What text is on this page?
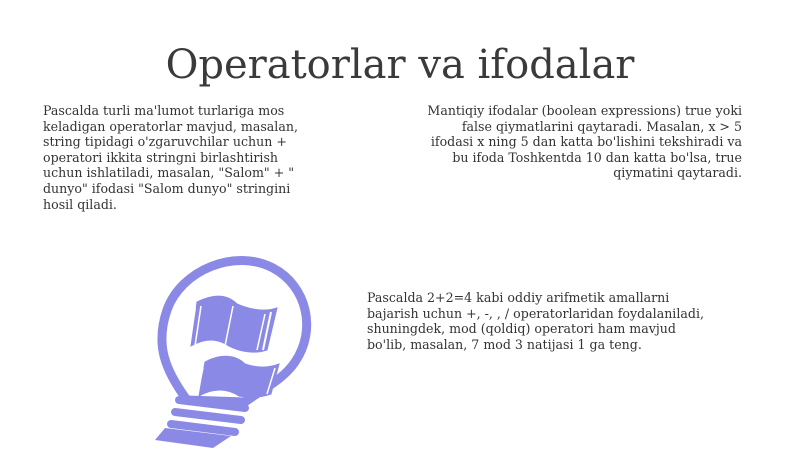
Operatorlar va ifodalar

Pascalda turli ma'lumot turlariga mos
keladigan operatorlar mavjud, masalan,
string tipidagi o'zgaruvchilar uchun +
operatori ikkita stringni birlashtirish
uchun ishlatiladi, masalan, "Salom" + "
dunyo" ifodasi "Salom dunyo" stringini
hosil qiladi.

Mantiqiy ifodalar (boolean expressions) true yoki
false qiymatlarini qaytaradi. Masalan, x > 5
ifodasi x ning 5 dan katta bo'lishini tekshiradi va
bu ifoda Toshkentda 10 dan katta bo'lsa, true
qiymatini qaytaradi.

Pascalda 2+2=4 kabi oddiy arifmetik amallarni
bajarish uchun +, -, , / operatorlaridan foydalaniladi,
shuningdek, mod (qoldiq) operatori ham mavjud
bo'lib, masalan, 7 mod 3 natijasi 1 ga teng.
